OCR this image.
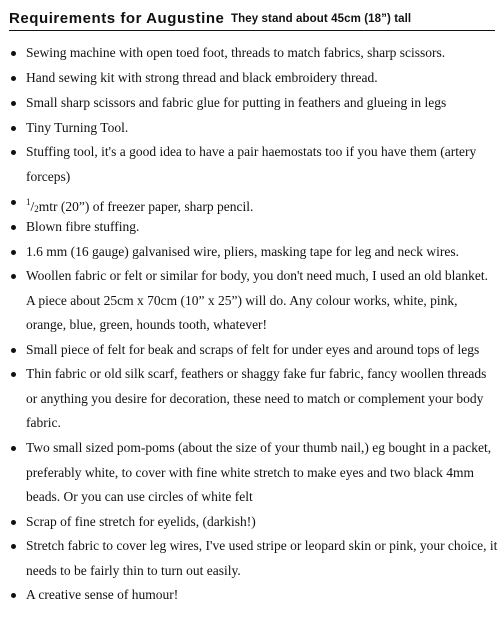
Requirements for Augustine They stand about 45cm (18”) tall
Sewing machine with open toed foot, threads to match fabrics, sharp scissors.
Hand sewing kit with strong thread and black embroidery thread.
Small sharp scissors and fabric glue for putting in feathers and glueing in legs
Tiny Turning Tool.
Stuffing tool, it's a good idea to have a pair haemostats too if you have them (artery
forceps)
$^1$/2mtr (20”) of freezer paper, sharp pencil.
Blown fibre stuffing.
1.6 mm (16 gauge) galvanised wire, pliers, masking tape for leg and neck wires.
Woollen fabric or felt or similar for body, you don't need much, I used an old blanket.
A piece about 25cm x 70cm (10” x 25”) will do. Any colour works, white, pink,
orange, blue, green, hounds tooth, whatever!
Small piece of felt for beak and scraps of felt for under eyes and around tops of legs
Thin fabric or old silk scarf, feathers or shaggy fake fur fabric, fancy woollen threads
or anything you desire for decoration, these need to match or complement your body
fabric.
Two small sized pom-poms (about the size of your thumb nail,) eg bought in a packet,
preferably white, to cover with fine white stretch to make eyes and two black 4mm
beads. Or you can use circles of white felt
Scrap of fine stretch for eyelids, (darkish!)
Stretch fabric to cover leg wires, I've used stripe or leopard skin or pink, your choice, it
needs to be fairly thin to turn out easily.
A creative sense of humour!
